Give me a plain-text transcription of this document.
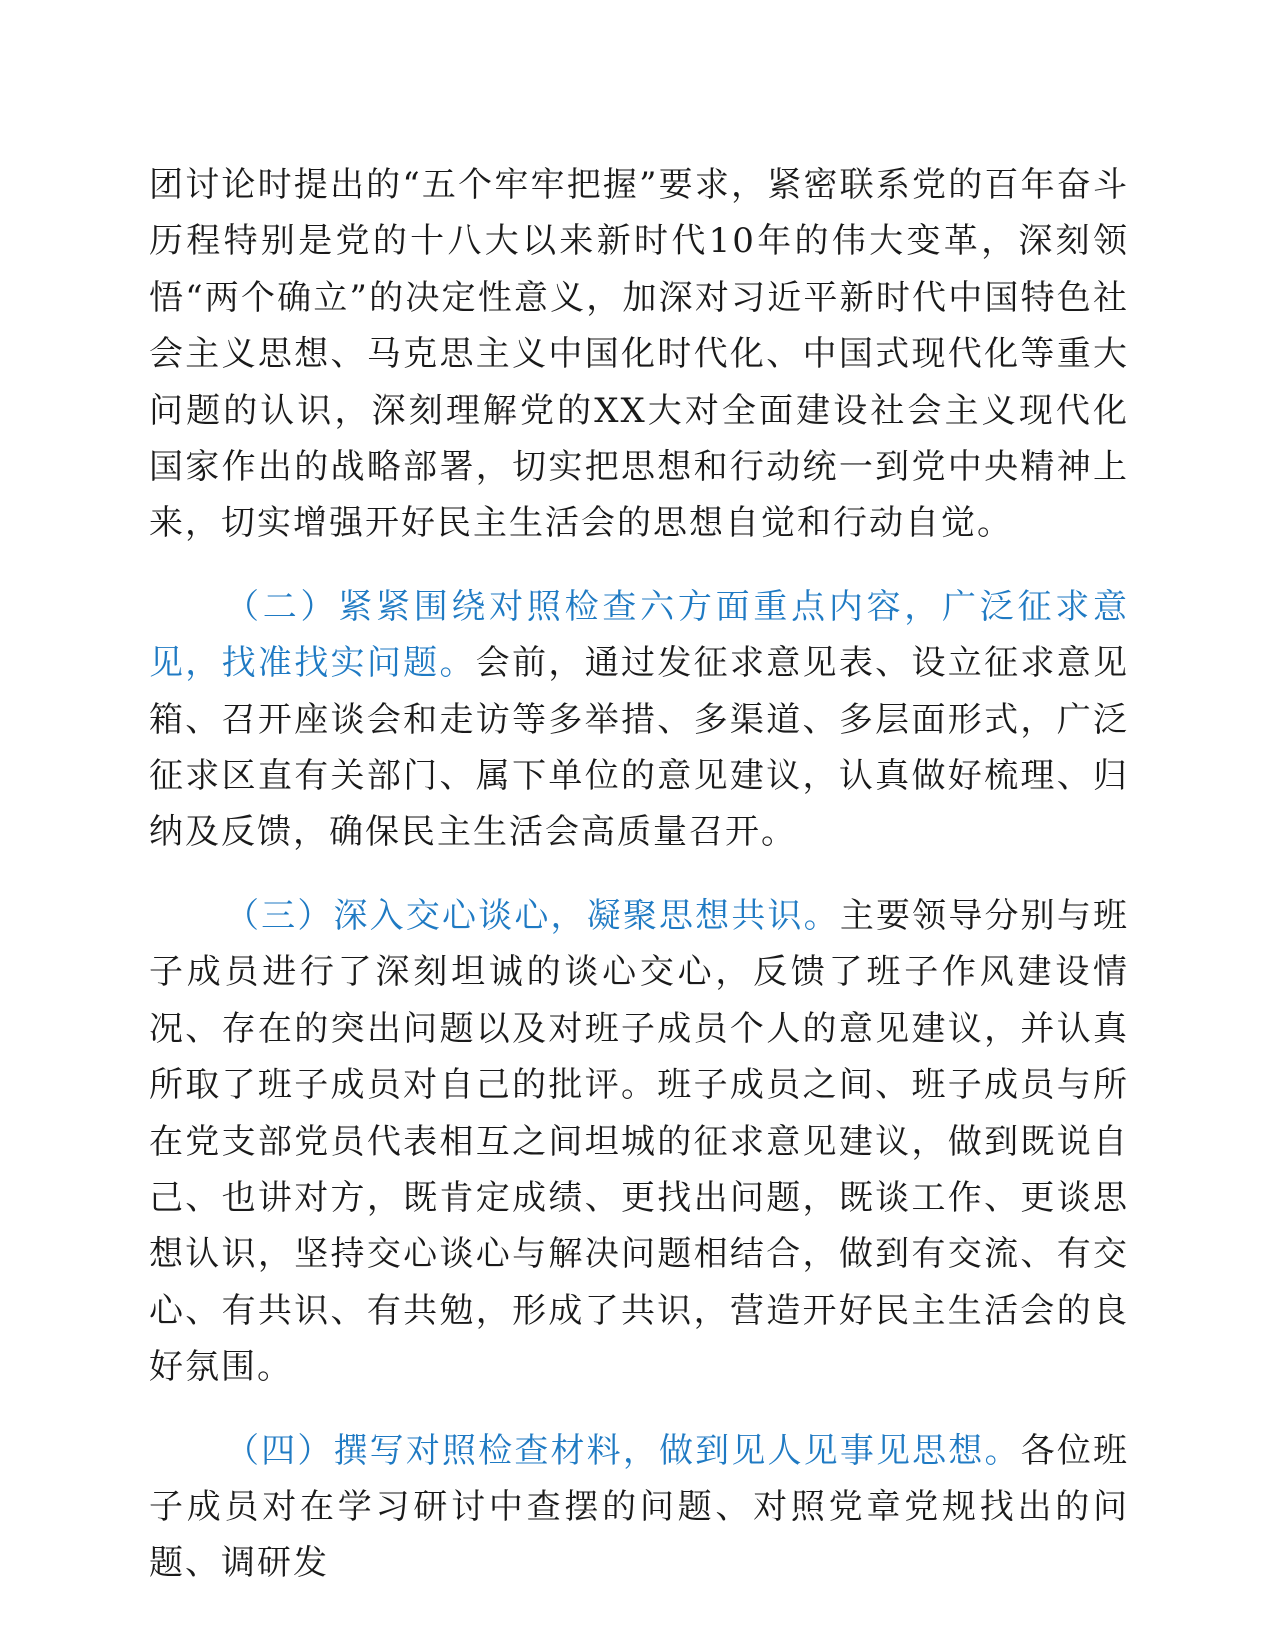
团讨论时提出的“五个牢牢把握”要求，紧密联系党的百年奋斗历程特别是党的十八大以来新时代10年的伟大变革，深刻领悟“两个确立”的决定性意义，加深对习近平新时代中国特色社会主义思想、马克思主义中国化时代化、中国式现代化等重大问题的认识，深刻理解党的XX大对全面建设社会主义现代化国家作出的战略部署，切实把思想和行动统一到党中央精神上来，切实增强开好民主生活会的思想自觉和行动自觉。

（二）紧紧围绕对照检查六方面重点内容，广泛征求意见，找准找实问题。会前，通过发征求意见表、设立征求意见箱、召开座谈会和走访等多举措、多渠道、多层面形式，广泛征求区直有关部门、属下单位的意见建议，认真做好梳理、归纳及反馈，确保民主生活会高质量召开。

（三）深入交心谈心，凝聚思想共识。主要领导分别与班子成员进行了深刻坦诚的谈心交心，反馈了班子作风建设情况、存在的突出问题以及对班子成员个人的意见建议，并认真所取了班子成员对自己的批评。班子成员之间、班子成员与所在党支部党员代表相互之间坦城的征求意见建议，做到既说自己、也讲对方，既肯定成绩、更找出问题，既谈工作、更谈思想认识，坚持交心谈心与解决问题相结合，做到有交流、有交心、有共识、有共勉，形成了共识，营造开好民主生活会的良好氛围。

（四）撰写对照检查材料，做到见人见事见思想。各位班子成员对在学习研讨中查摆的问题、对照党章党规找出的问题、调研发
